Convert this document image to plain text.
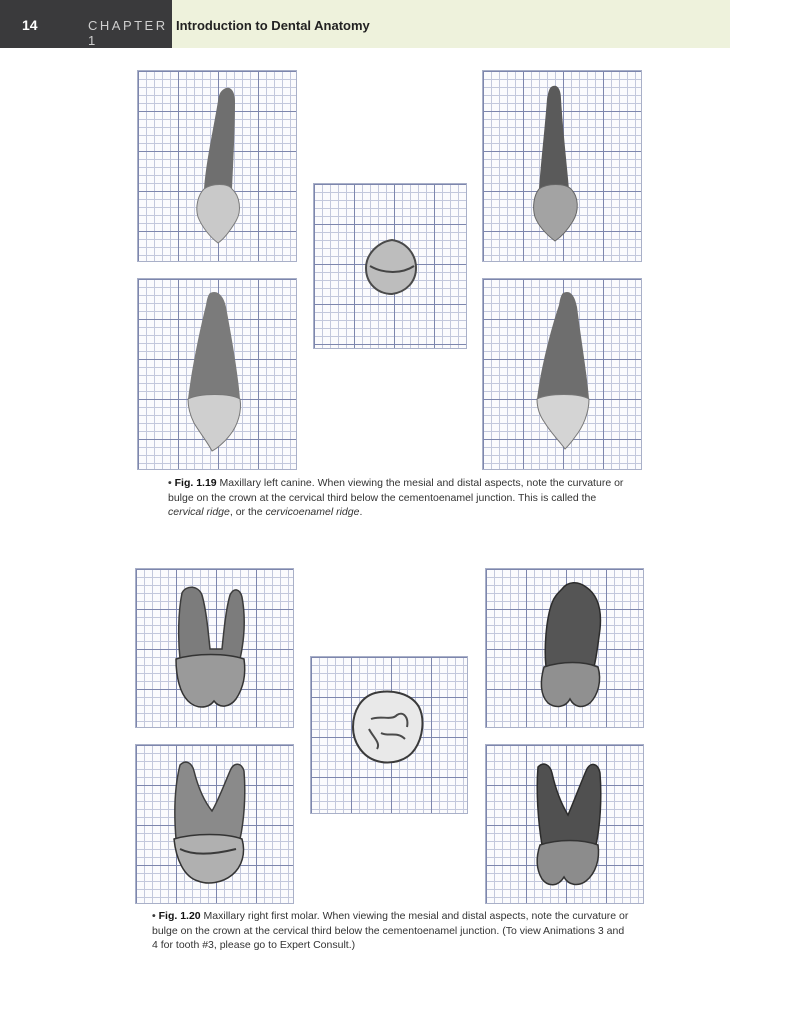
14	CHAPTER 1
Introduction to Dental Anatomy
• Fig. 1.19 Maxillary left canine. When viewing the mesial and distal aspects, note the curvature or bulge on the crown at the cervical third below the cementoenamel junction. This is called the cervical ridge, or the cervicoenamel ridge.
• Fig. 1.20 Maxillary right first molar. When viewing the mesial and distal aspects, note the curvature or bulge on the crown at the cervical third below the cementoenamel junction. (To view Animations 3 and 4 for tooth #3, please go to Expert Consult.)
